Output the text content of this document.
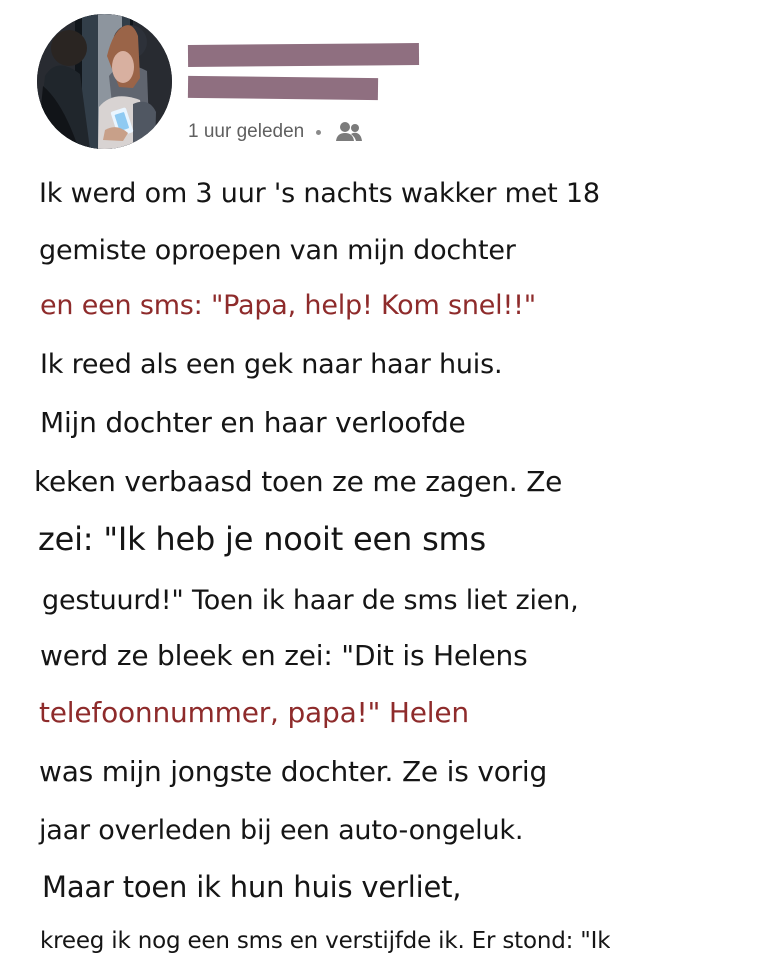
1 uur geleden
Ik werd om 3 uur 's nachts wakker met 18
gemiste oproepen van mijn dochter
en een sms: "Papa, help! Kom snel!!"
Ik reed als een gek naar haar huis.
Mijn dochter en haar verloofde
keken verbaasd toen ze me zagen. Ze
zei: "Ik heb je nooit een sms
gestuurd!" Toen ik haar de sms liet zien,
werd ze bleek en zei: "Dit is Helens
telefoonnummer, papa!" Helen
was mijn jongste dochter. Ze is vorig
jaar overleden bij een auto-ongeluk.
Maar toen ik hun huis verliet,
kreeg ik nog een sms en verstijfde ik. Er stond: "Ik
